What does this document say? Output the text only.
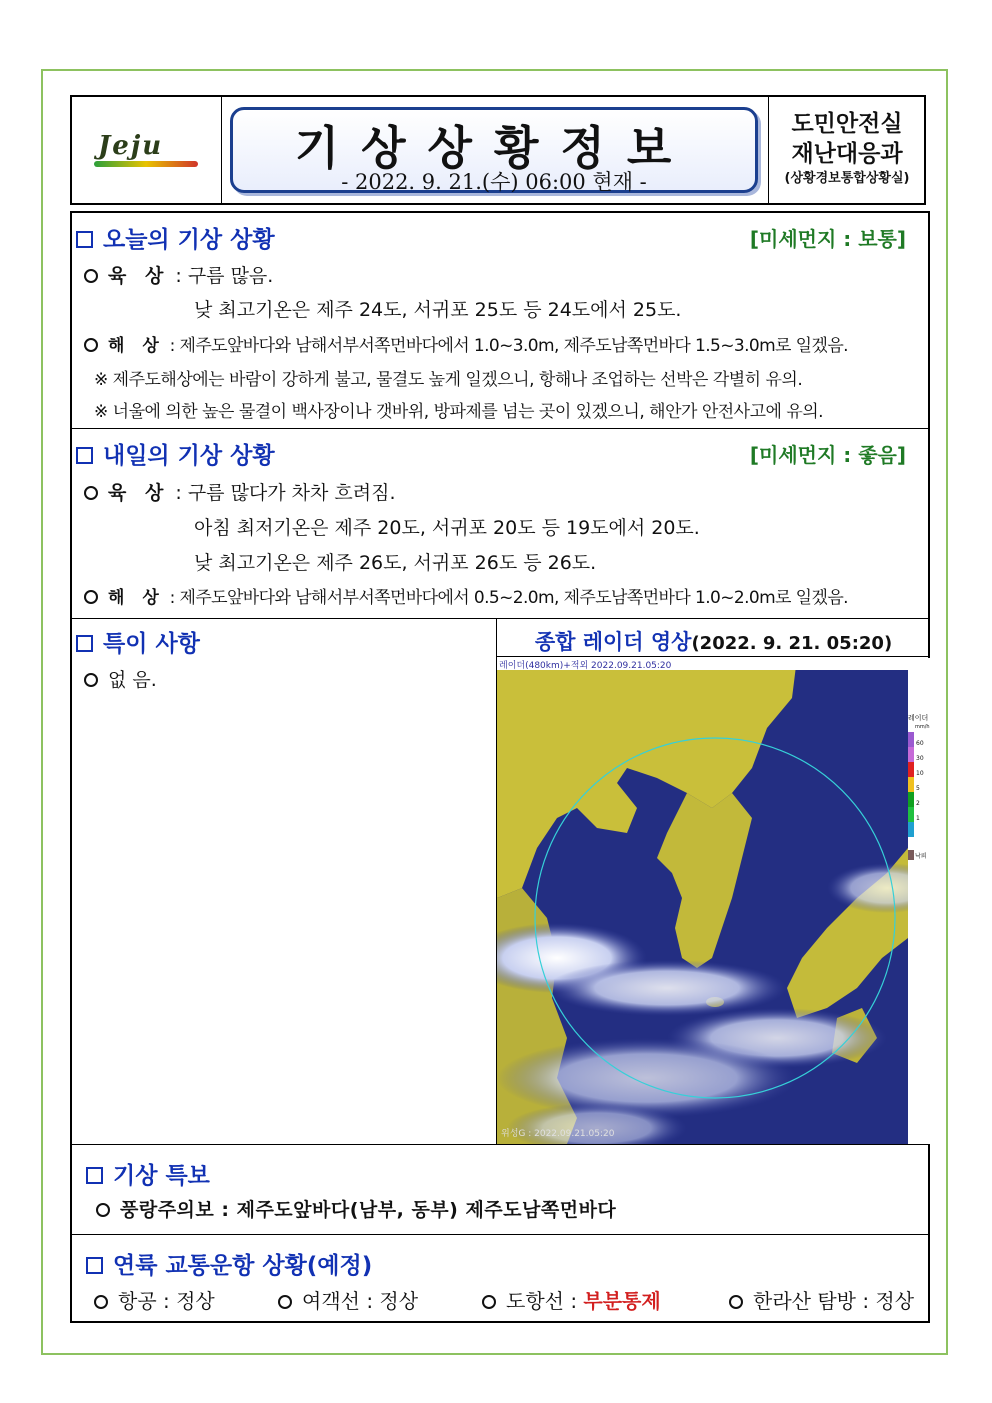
Jeju	기상상황정보
- 2022. 9. 21.(수) 06:00 현재 -
도민안전실
재난대응과
(상황경보통합상황실)
오늘의 기상 상황	[미세먼지 : 보통]
육 상 : 구름 많음.
낮 최고기온은 제주 24도, 서귀포 25도 등 24도에서 25도.
해 상 : 제주도앞바다와 남해서부서쪽먼바다에서 1.0~3.0m, 제주도남쪽먼바다 1.5~3.0m로 일겠음.
※ 제주도해상에는 바람이 강하게 불고, 물결도 높게 일겠으니, 항해나 조업하는 선박은 각별히 유의.
※ 너울에 의한 높은 물결이 백사장이나 갯바위, 방파제를 넘는 곳이 있겠으니, 해안가 안전사고에 유의.
내일의 기상 상황	[미세먼지 : 좋음]
육 상 : 구름 많다가 차차 흐려짐.
아침 최저기온은 제주 20도, 서귀포 20도 등 19도에서 20도.
낮 최고기온은 제주 26도, 서귀포 26도 등 26도.
해 상 : 제주도앞바다와 남해서부서쪽먼바다에서 0.5~2.0m, 제주도남쪽먼바다 1.0~2.0m로 일겠음.
특이 사항
없 음.
종합 레이더 영상(2022. 9. 21. 05:20)
레이더(480km)+적외 2022.09.21.05:20
위성G : 2022.09.21.05:20
레이더
mm/h
60
30
10
5
2
1
낙뢰
기상 특보
풍랑주의보 : 제주도앞바다(남부, 동부) 제주도남쪽먼바다
연륙 교통운항 상황(예정)
항공 : 정상	여객선 : 정상	도항선 : 부분통제	한라산 탐방 : 정상
